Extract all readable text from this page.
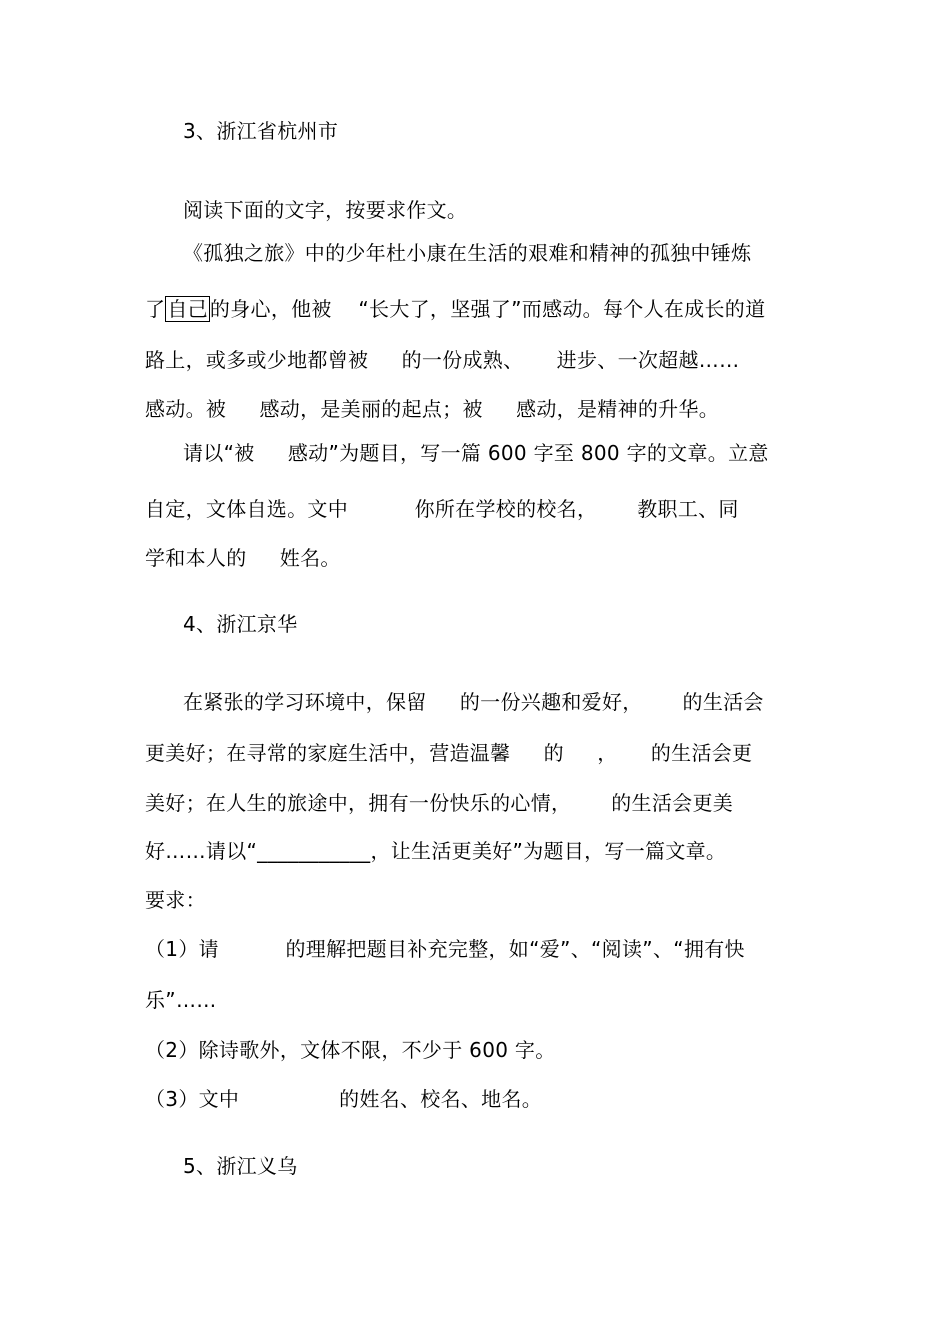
3、浙江省杭州市
阅读下面的文字，按要求作文。
《孤独之旅》中的少年杜小康在生活的艰难和精神的孤独中锤炼
了 自己 的身心，他被    “长大了，坚强了”而感动。每个人在成长的道
路上，或多或少地都曾被     的一份成熟、     进步、一次超越……
感动。被     感动，是美丽的起点；被     感动，是精神的升华。
请以“被     感动”为题目，写一篇 600 字至 800 字的文章。立意
自定，文体自选。文中          你所在学校的校名，      教职工、同
学和本人的     姓名。
4、浙江京华
在紧张的学习环境中，保留     的一份兴趣和爱好，      的生活会
更美好；在寻常的家庭生活中，营造温馨     的     ，     的生活会更
美好；在人生的旅途中，拥有一份快乐的心情，      的生活会更美
好……请以“___________，让生活更美好”为题目，写一篇文章。
要求：
（1）请          的理解把题目补充完整，如“爱”、“阅读”、“拥有快
乐”……
（2）除诗歌外，文体不限，不少于 600 字。
（3）文中               的姓名、校名、地名。
5、浙江义乌
